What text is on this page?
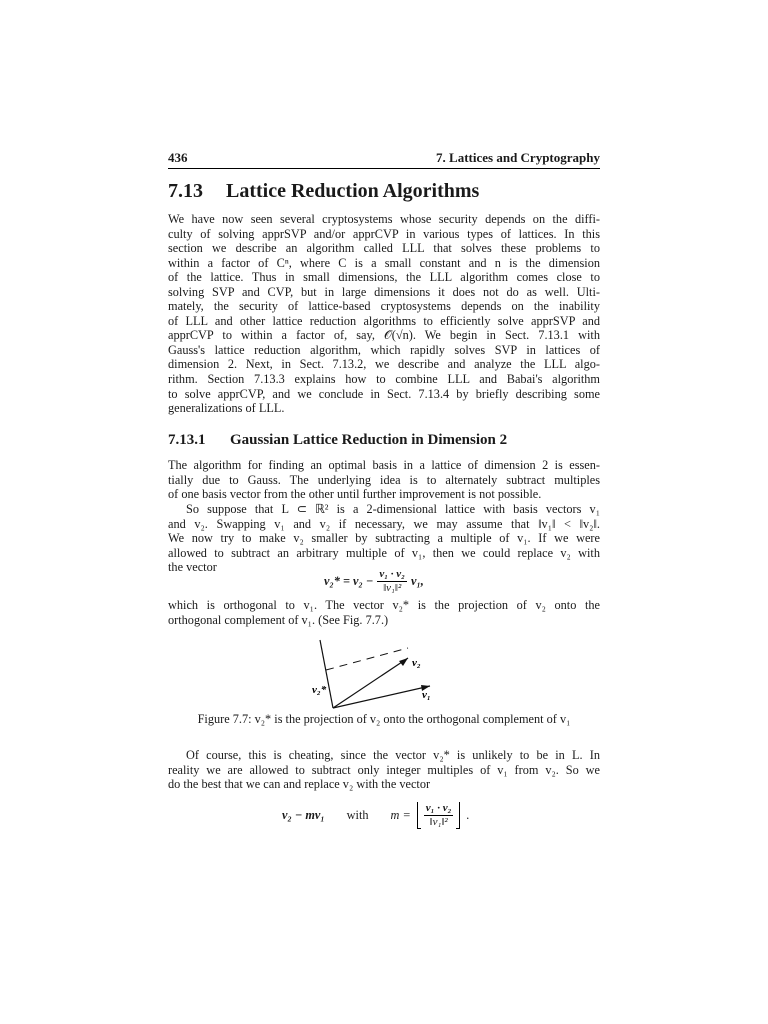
436	7. Lattices and Cryptography
7.13 Lattice Reduction Algorithms
We have now seen several cryptosystems whose security depends on the diffi-
culty of solving apprSVP and/or apprCVP in various types of lattices. In this
section we describe an algorithm called LLL that solves these problems to
within a factor of Cⁿ, where C is a small constant and n is the dimension
of the lattice. Thus in small dimensions, the LLL algorithm comes close to
solving SVP and CVP, but in large dimensions it does not do as well. Ulti-
mately, the security of lattice-based cryptosystems depends on the inability
of LLL and other lattice reduction algorithms to efficiently solve apprSVP and
apprCVP to within a factor of, say, 𝒪(√n). We begin in Sect. 7.13.1 with
Gauss's lattice reduction algorithm, which rapidly solves SVP in lattices of
dimension 2. Next, in Sect. 7.13.2, we describe and analyze the LLL algo-
rithm. Section 7.13.3 explains how to combine LLL and Babai's algorithm
to solve apprCVP, and we conclude in Sect. 7.13.4 by briefly describing some
generalizations of LLL.
7.13.1 Gaussian Lattice Reduction in Dimension 2
The algorithm for finding an optimal basis in a lattice of dimension 2 is essen-
tially due to Gauss. The underlying idea is to alternately subtract multiples
of one basis vector from the other until further improvement is not possible.
So suppose that L ⊂ ℝ² is a 2-dimensional lattice with basis vectors v₁
and v₂. Swapping v₁ and v₂ if necessary, we may assume that ‖v₁‖ < ‖v₂‖.
We now try to make v₂ smaller by subtracting a multiple of v₁. If we were
allowed to subtract an arbitrary multiple of v₁, then we could replace v₂ with
the vector
$v_2* = v_2 - \frac{\text{v₁ · v₂}}{\text{‖v₁‖²}} v_1$,
which is orthogonal to v₁. The vector v₂* is the projection of v₂ onto the
orthogonal complement of v₁. (See Fig. 7.7.)
v₂
v₂*	v₁
Figure 7.7: v₂* is the projection of v₂ onto the orthogonal complement of v₁
Of course, this is cheating, since the vector v₂* is unlikely to be in L. In
reality we are allowed to subtract only integer multiples of v₁ from v₂. So we
do the best that we can and replace v₂ with the vector
v₂ − mv₁ with $m = \frac{\text{v₁ · v₂}}{\text{‖v₁‖²}}$ .
